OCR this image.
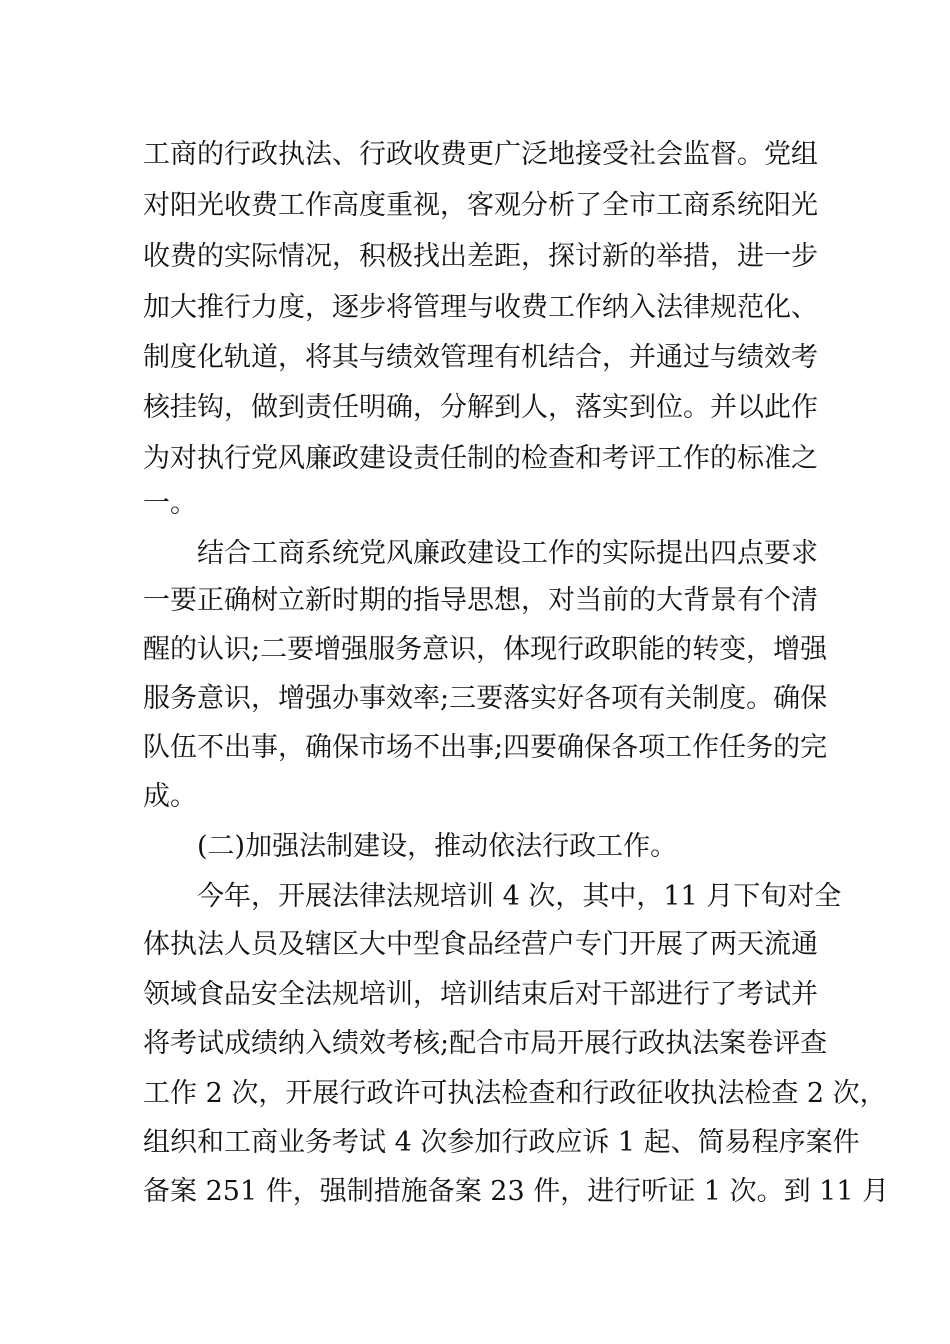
工商的行政执法、行政收费更广泛地接受社会监督。党组
对阳光收费工作高度重视，客观分析了全市工商系统阳光
收费的实际情况，积极找出差距，探讨新的举措，进一步
加大推行力度，逐步将管理与收费工作纳入法律规范化、
制度化轨道，将其与绩效管理有机结合，并通过与绩效考
核挂钩，做到责任明确，分解到人，落实到位。并以此作
为对执行党风廉政建设责任制的检查和考评工作的标准之
一。
结合工商系统党风廉政建设工作的实际提出四点要求
一要正确树立新时期的指导思想，对当前的大背景有个清
醒的认识;二要增强服务意识，体现行政职能的转变，增强
服务意识，增强办事效率;三要落实好各项有关制度。确保
队伍不出事，确保市场不出事;四要确保各项工作任务的完
成。
(二)加强法制建设，推动依法行政工作。
今年，开展法律法规培训 4 次，其中，11 月下旬对全
体执法人员及辖区大中型食品经营户专门开展了两天流通
领域食品安全法规培训，培训结束后对干部进行了考试并
将考试成绩纳入绩效考核;配合市局开展行政执法案卷评查
工作 2 次，开展行政许可执法检查和行政征收执法检查 2 次，
组织和工商业务考试 4 次参加行政应诉 1 起、简易程序案件
备案 251 件，强制措施备案 23 件，进行听证 1 次。到 11 月
